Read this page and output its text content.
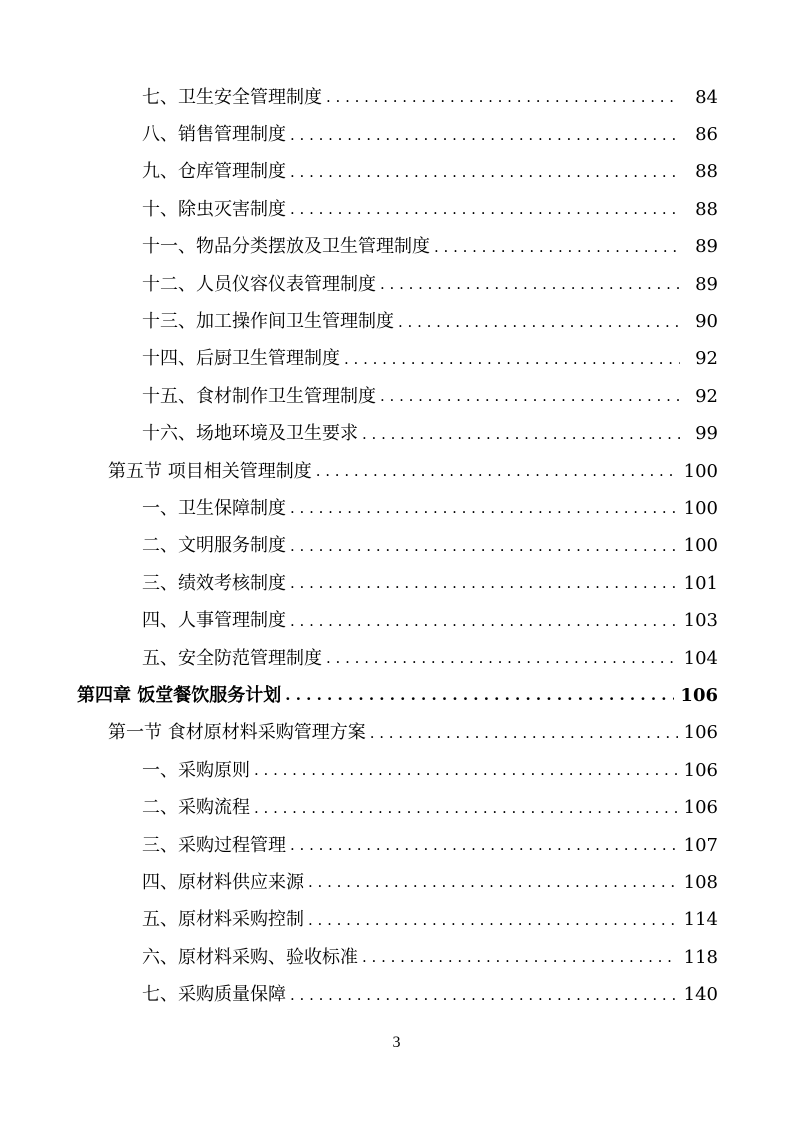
七、卫生安全管理制度 . . .	84
八、销售管理制度 . . .	86
九、仓库管理制度 . . .	88
十、除虫灭害制度 . . .	88
十一、物品分类摆放及卫生管理制度 . . .	89
十二、人员仪容仪表管理制度 . . .	89
十三、加工操作间卫生管理制度 . . .	90
十四、后厨卫生管理制度 . . .	92
十五、食材制作卫生管理制度 . . .	92
十六、场地环境及卫生要求 . . .	99
第五节 项目相关管理制度 . . .	100
一、卫生保障制度 . . .	100
二、文明服务制度 . . .	100
三、绩效考核制度 . . .	101
四、人事管理制度 . . .	103
五、安全防范管理制度 . . .	104
第四章 饭堂餐饮服务计划 . . .	106
第一节 食材原材料采购管理方案 . . .	106
一、采购原则 . . .	106
二、采购流程 . . .	106
三、采购过程管理 . . .	107
四、原材料供应来源 . . .	108
五、原材料采购控制 . . .	114
六、原材料采购、验收标准 . . .	118
七、采购质量保障 . . .	140
3
